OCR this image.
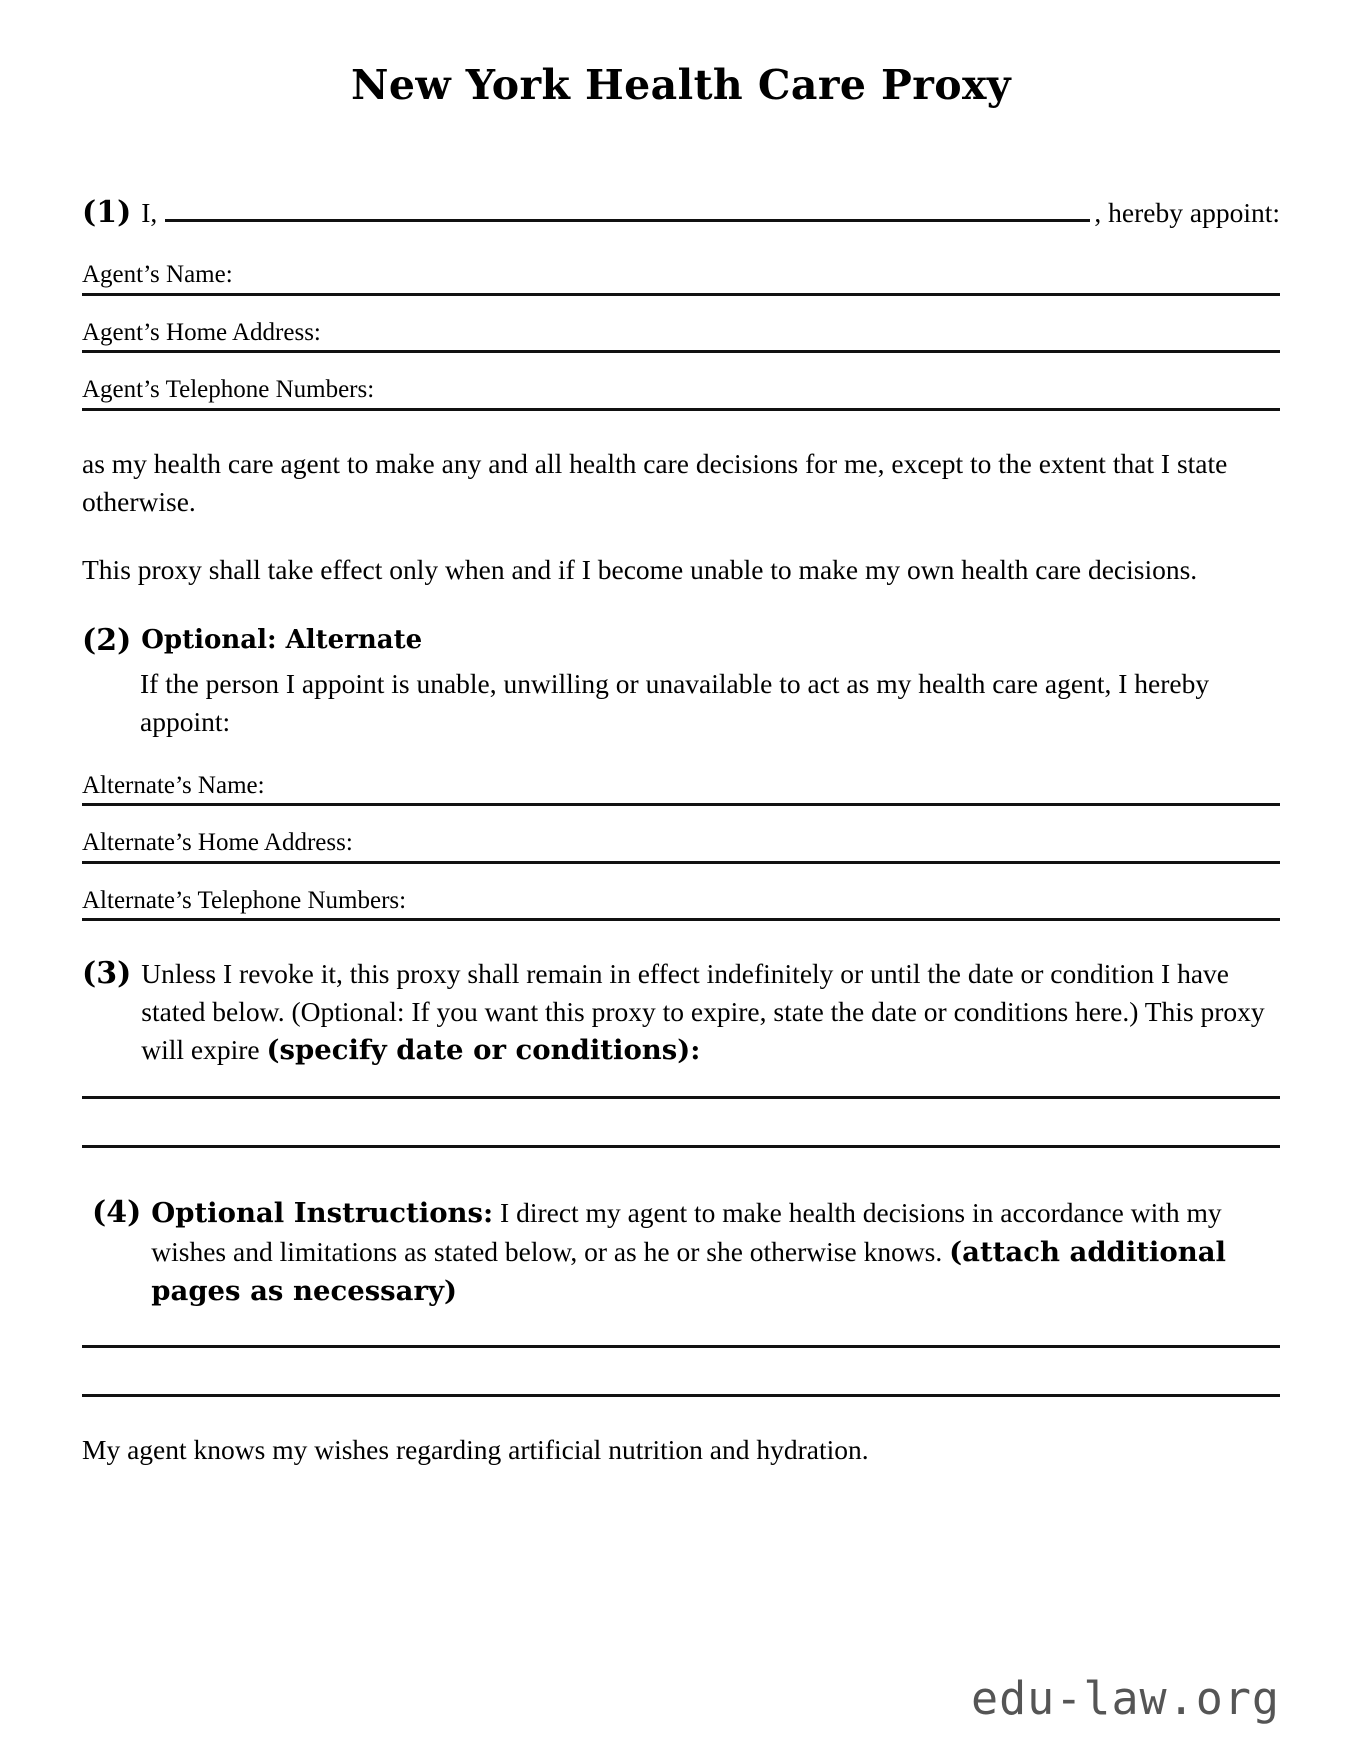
New York Health Care Proxy
(1) I,	, hereby appoint:
Agent’s Name:
Agent’s Home Address:
Agent’s Telephone Numbers:

as my health care agent to make any and all health care decisions for me, except to the extent that I state otherwise.

This proxy shall take effect only when and if I become unable to make my own health care decisions.

(2) Optional: Alternate
If the person I appoint is unable, unwilling or unavailable to act as my health care agent, I hereby appoint:
Alternate’s Name:
Alternate’s Home Address:
Alternate’s Telephone Numbers:
(3) Unless I revoke it, this proxy shall remain in effect indefinitely or until the date or condition I have stated below. (Optional: If you want this proxy to expire, state the date or conditions here.) This proxy will expire (specify date or conditions):
(4) Optional Instructions: I direct my agent to make health decisions in accordance with my wishes and limitations as stated below, or as he or she otherwise knows. (attach additional pages as necessary)

My agent knows my wishes regarding artificial nutrition and hydration.

edu-law.org
